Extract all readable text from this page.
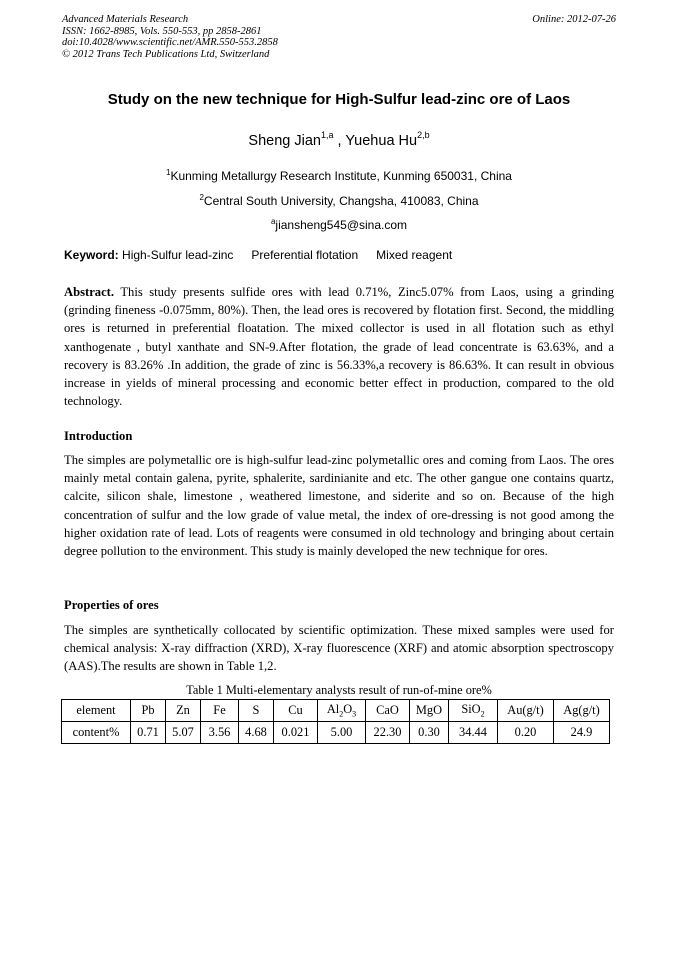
Advanced Materials Research
ISSN: 1662-8985, Vols. 550-553, pp 2858-2861
doi:10.4028/www.scientific.net/AMR.550-553.2858
© 2012 Trans Tech Publications Ltd, Switzerland
Online: 2012-07-26
Study on the new technique for High-Sulfur lead-zinc ore of Laos
Sheng Jian$^{1,a}$ , Yuehua Hu$^{2,b}$
$^1$Kunming Metallurgy Research Institute, Kunming 650031, China
$^2$Central South University, Changsha, 410083, China
$^a$jiansheng545@sina.com
Keyword: High-Sulfur lead-zinc Preferential flotation Mixed reagent
Abstract. This study presents sulfide ores with lead 0.71%, Zinc5.07% from Laos, using a grinding (grinding fineness -0.075mm, 80%). Then, the lead ores is recovered by flotation first. Second, the middling ores is returned in preferential floatation. The mixed collector is used in all flotation such as ethyl xanthogenate , butyl xanthate and SN-9.After flotation, the grade of lead concentrate is 63.63%, and a recovery is 83.26% .In addition, the grade of zinc is 56.33%,a recovery is 86.63%. It can result in obvious increase in yields of mineral processing and economic better effect in production, compared to the old technology.
Introduction
The simples are polymetallic ore is high-sulfur lead-zinc polymetallic ores and coming from Laos. The ores mainly metal contain galena, pyrite, sphalerite, sardinianite and etc. The other gangue one contains quartz, calcite, silicon shale, limestone , weathered limestone, and siderite and so on. Because of the high concentration of sulfur and the low grade of value metal, the index of ore-dressing is not good among the higher oxidation rate of lead. Lots of reagents were consumed in old technology and bringing about certain degree pollution to the environment. This study is mainly developed the new technique for ores.
Properties of ores
The simples are synthetically collocated by scientific optimization. These mixed samples were used for chemical analysis: X-ray diffraction (XRD), X-ray fluorescence (XRF) and atomic absorption spectroscopy (AAS).The results are shown in Table 1,2.
Table 1 Multi-elementary analysts result of run-of-mine ore%
element	Pb	Zn	Fe	S	Cu	$Al_2O_3$	CaO	MgO	SiO$_2$	Au(g/t)	Ag(g/t)
content%	0.71	5.07	3.56	4.68	0.021	5.00	22.30	0.30	34.44	0.20	24.9
